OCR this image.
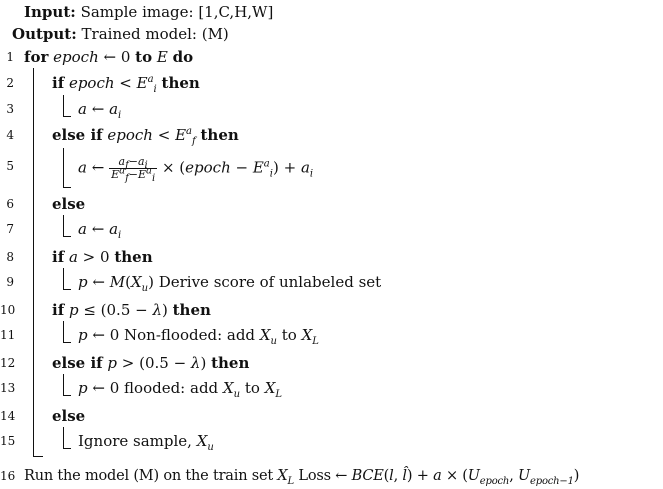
Input: Sample image: [1,C,H,W]
Output: Trained model: (M)
1
2
3
4
5
6
7
8
9
10
11
12
13
14
15
16
for epoch ← 0 to E do
if epoch < $E^a_i$ then
a ← $a_i$
else if epoch < $E^a_f$ then
a ← $\frac{a_f-a_i}{E^a_f-E^a_i}$ × (epoch − $E^a_i) + a_i$
else
a ← $a_i$
if a > 0 then
p ← $M(X_u)$ Derive score of unlabeled set
if p ≤ (0.5 − λ) then
p ← 0 Non-flooded: add $X_u$ to $X_L$
else if p > (0.5 − λ) then
p ← 0 flooded: add $X_u$ to $X_L$
else
Ignore sample, $X_u$
Run the model (M) on the train set $X_L$ Loss ← BCE(l, l̂) + $a \times (U_{epoch}$, $U_{epoch-1}$)
